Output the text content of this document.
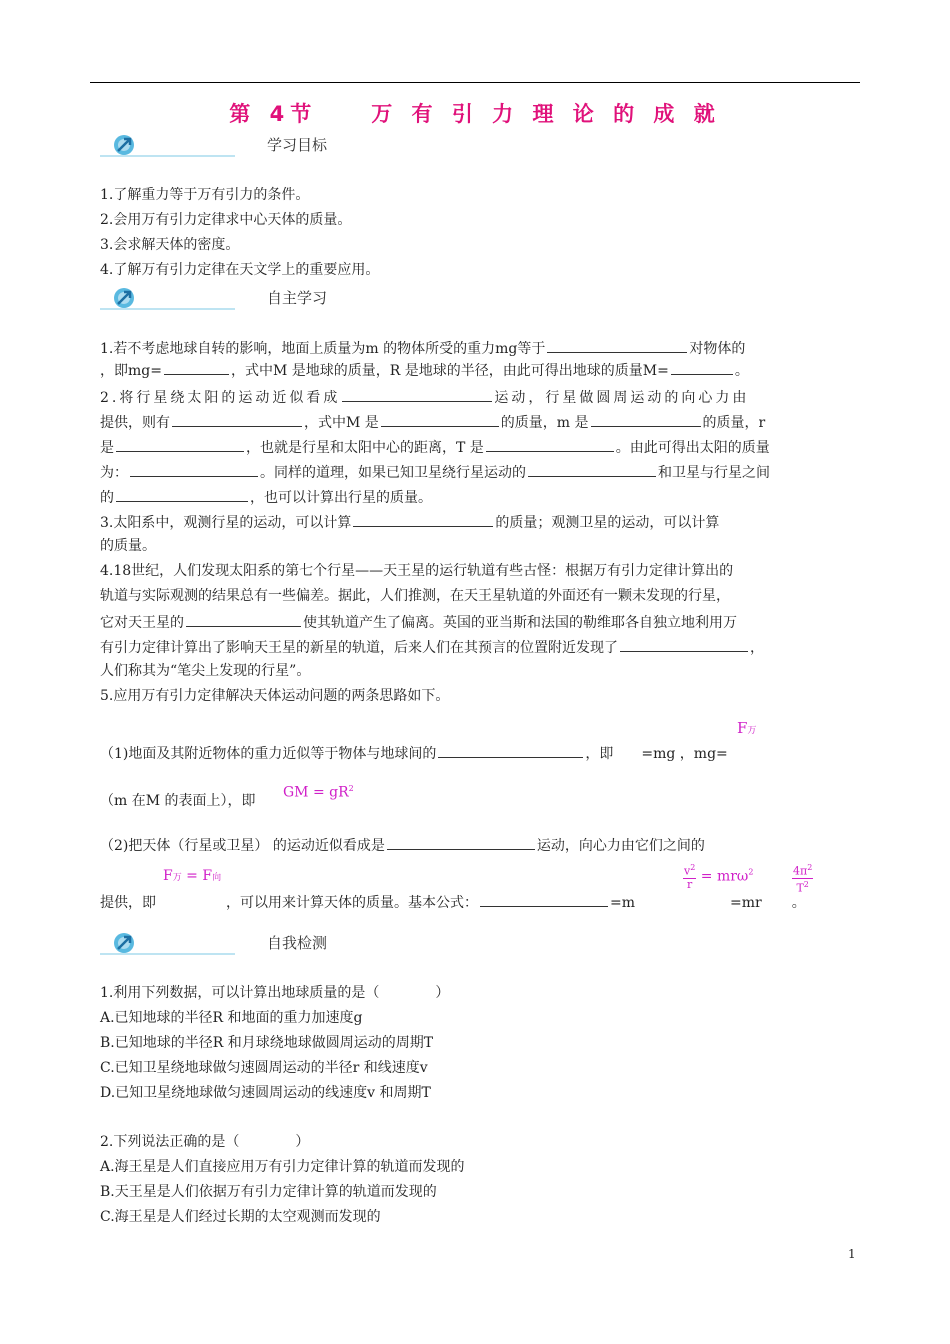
第 4节　　万 有 引 力 理 论 的 成 就
学习目标
1.了解重力等于万有引力的条件。
2.会用万有引力定律求中心天体的质量。
3.会求解天体的密度。
4.了解万有引力定律在天文学上的重要应用。
自主学习
1.若不考虑地球自转的影响，地面上质量为m 的物体所受的重力mg等于	对物体的
，即mg=	，式中M 是地球的质量，R 是地球的半径，由此可得出地球的质量M=	。
2.将行星绕太阳的运动近似看成	运动，行星做圆周运动的向心力由
提供，则有	，式中M 是	的质量，m 是	的质量，r
是	，也就是行星和太阳中心的距离，T 是	。由此可得出太阳的质量
为：	。同样的道理，如果已知卫星绕行星运动的	和卫星与行星之间
的	，也可以计算出行星的质量。
3.太阳系中，观测行星的运动，可以计算	的质量；观测卫星的运动，可以计算
的质量。
4.18世纪，人们发现太阳系的第七个行星——天王星的运行轨道有些古怪：根据万有引力定律计算出的
轨道与实际观测的结果总有一些偏差。据此，人们推测，在天王星轨道的外面还有一颗未发现的行星，
它对天王星的	使其轨道产生了偏离。英国的亚当斯和法国的勒维耶各自独立地利用万
有引力定律计算出了影响天王星的新星的轨道，后来人们在其预言的位置附近发现了	，
人们称其为“笔尖上发现的行星”。
5.应用万有引力定律解决天体运动问题的两条思路如下。
F万
（1)地面及其附近物体的重力近似等于物体与地球间的	，即 =mg ，mg=
（m 在M 的表面上），即
GM = $gR^2$
（2)把天体（行星或卫星） 的运动近似看成是	运动，向心力由它们之间的
F万 = F向	$\frac{v^2}{r} = mr\omega^2$	$\frac{4\pi^2}{T^2}$
提供，即	，可以用来计算天体的质量。基本公式：	=m	=mr 。
自我检测
1.利用下列数据，可以计算出地球质量的是（　　　　）
A.已知地球的半径R 和地面的重力加速度g
B.已知地球的半径R 和月球绕地球做圆周运动的周期T
C.已知卫星绕地球做匀速圆周运动的半径r 和线速度v
D.已知卫星绕地球做匀速圆周运动的线速度v 和周期T
2.下列说法正确的是（　　　　）
A.海王星是人们直接应用万有引力定律计算的轨道而发现的
B.天王星是人们依据万有引力定律计算的轨道而发现的
C.海王星是人们经过长期的太空观测而发现的
1
